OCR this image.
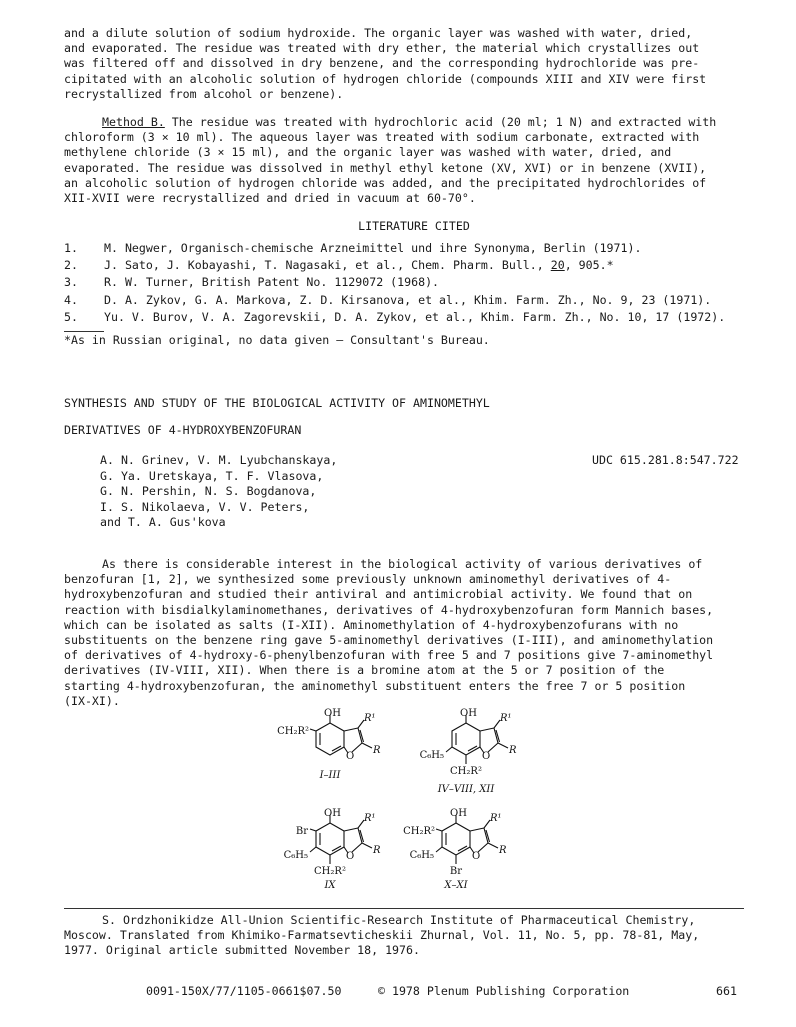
and a dilute solution of sodium hydroxide. The organic layer was washed with water, dried,

and evaporated. The residue was treated with dry ether, the material which crystallizes out

was filtered off and dissolved in dry benzene, and the corresponding hydrochloride was pre-

cipitated with an alcoholic solution of hydrogen chloride (compounds XIII and XIV were first

recrystallized from alcohol or benzene).

Method B. The residue was treated with hydrochloric acid (20 ml; 1 N) and extracted with

chloroform (3 × 10 ml). The aqueous layer was treated with sodium carbonate, extracted with

methylene chloride (3 × 15 ml), and the organic layer was washed with water, dried, and

evaporated. The residue was dissolved in methyl ethyl ketone (XV, XVI) or in benzene (XVII),

an alcoholic solution of hydrogen chloride was added, and the precipitated hydrochlorides of

XII-XVII were recrystallized and dried in vacuum at 60-70°.

LITERATURE CITED
1. M. Negwer, Organisch-chemische Arzneimittel und ihre Synonyma, Berlin (1971).
2. J. Sato, J. Kobayashi, T. Nagasaki, et al., Chem. Pharm. Bull., 20, 905.*
3. R. W. Turner, British Patent No. 1129072 (1968).
4. D. A. Zykov, G. A. Markova, Z. D. Kirsanova, et al., Khim. Farm. Zh., No. 9, 23 (1971).
5. Yu. V. Burov, V. A. Zagorevskii, D. A. Zykov, et al., Khim. Farm. Zh., No. 10, 17 (1972).
*As in Russian original, no data given — Consultant's Bureau.
SYNTHESIS AND STUDY OF THE BIOLOGICAL ACTIVITY OF AMINOMETHYL
DERIVATIVES OF 4-HYDROXYBENZOFURAN
A. N. Grinev, V. M. Lyubchanskaya,
G. Ya. Uretskaya, T. F. Vlasova,
G. N. Pershin, N. S. Bogdanova,
I. S. Nikolaeva, V. V. Peters,
and T. A. Gus'kova
UDC 615.281.8:547.722

As there is considerable interest in the biological activity of various derivatives of

benzofuran [1, 2], we synthesized some previously unknown aminomethyl derivatives of 4-

hydroxybenzofuran and studied their antiviral and antimicrobial activity. We found that on

reaction with bisdialkylaminomethanes, derivatives of 4-hydroxybenzofuran form Mannich bases,

which can be isolated as salts (I-XII). Aminomethylation of 4-hydroxybenzofurans with no

substituents on the benzene ring gave 5-aminomethyl derivatives (I-III), and aminomethylation

of derivatives of 4-hydroxy-6-phenylbenzofuran with free 5 and 7 positions give 7-aminomethyl

derivatives (IV-VIII, XII). When there is a bromine atom at the 5 or 7 position of the

starting 4-hydroxybenzofuran, the aminomethyl substituent enters the free 7 or 5 position

(IX-XI).

OH
CH₂R²
R¹
R
O
I–III
OH
C₆H₅
CH₂R²
R¹
R
O
IV–VIII, XII
OH
Br
C₆H₅
CH₂R²
R¹
R
O
IX
OH
CH₂R²
C₆H₅
Br
R¹
R
O
X–XI

S. Ordzhonikidze All-Union Scientific-Research Institute of Pharmaceutical Chemistry,

Moscow. Translated from Khimiko-Farmatsevticheskii Zhurnal, Vol. 11, No. 5, pp. 78-81, May,

1977. Original article submitted November 18, 1976.

0091-150X/77/1105-0661$07.50	© 1978 Plenum Publishing Corporation	661
